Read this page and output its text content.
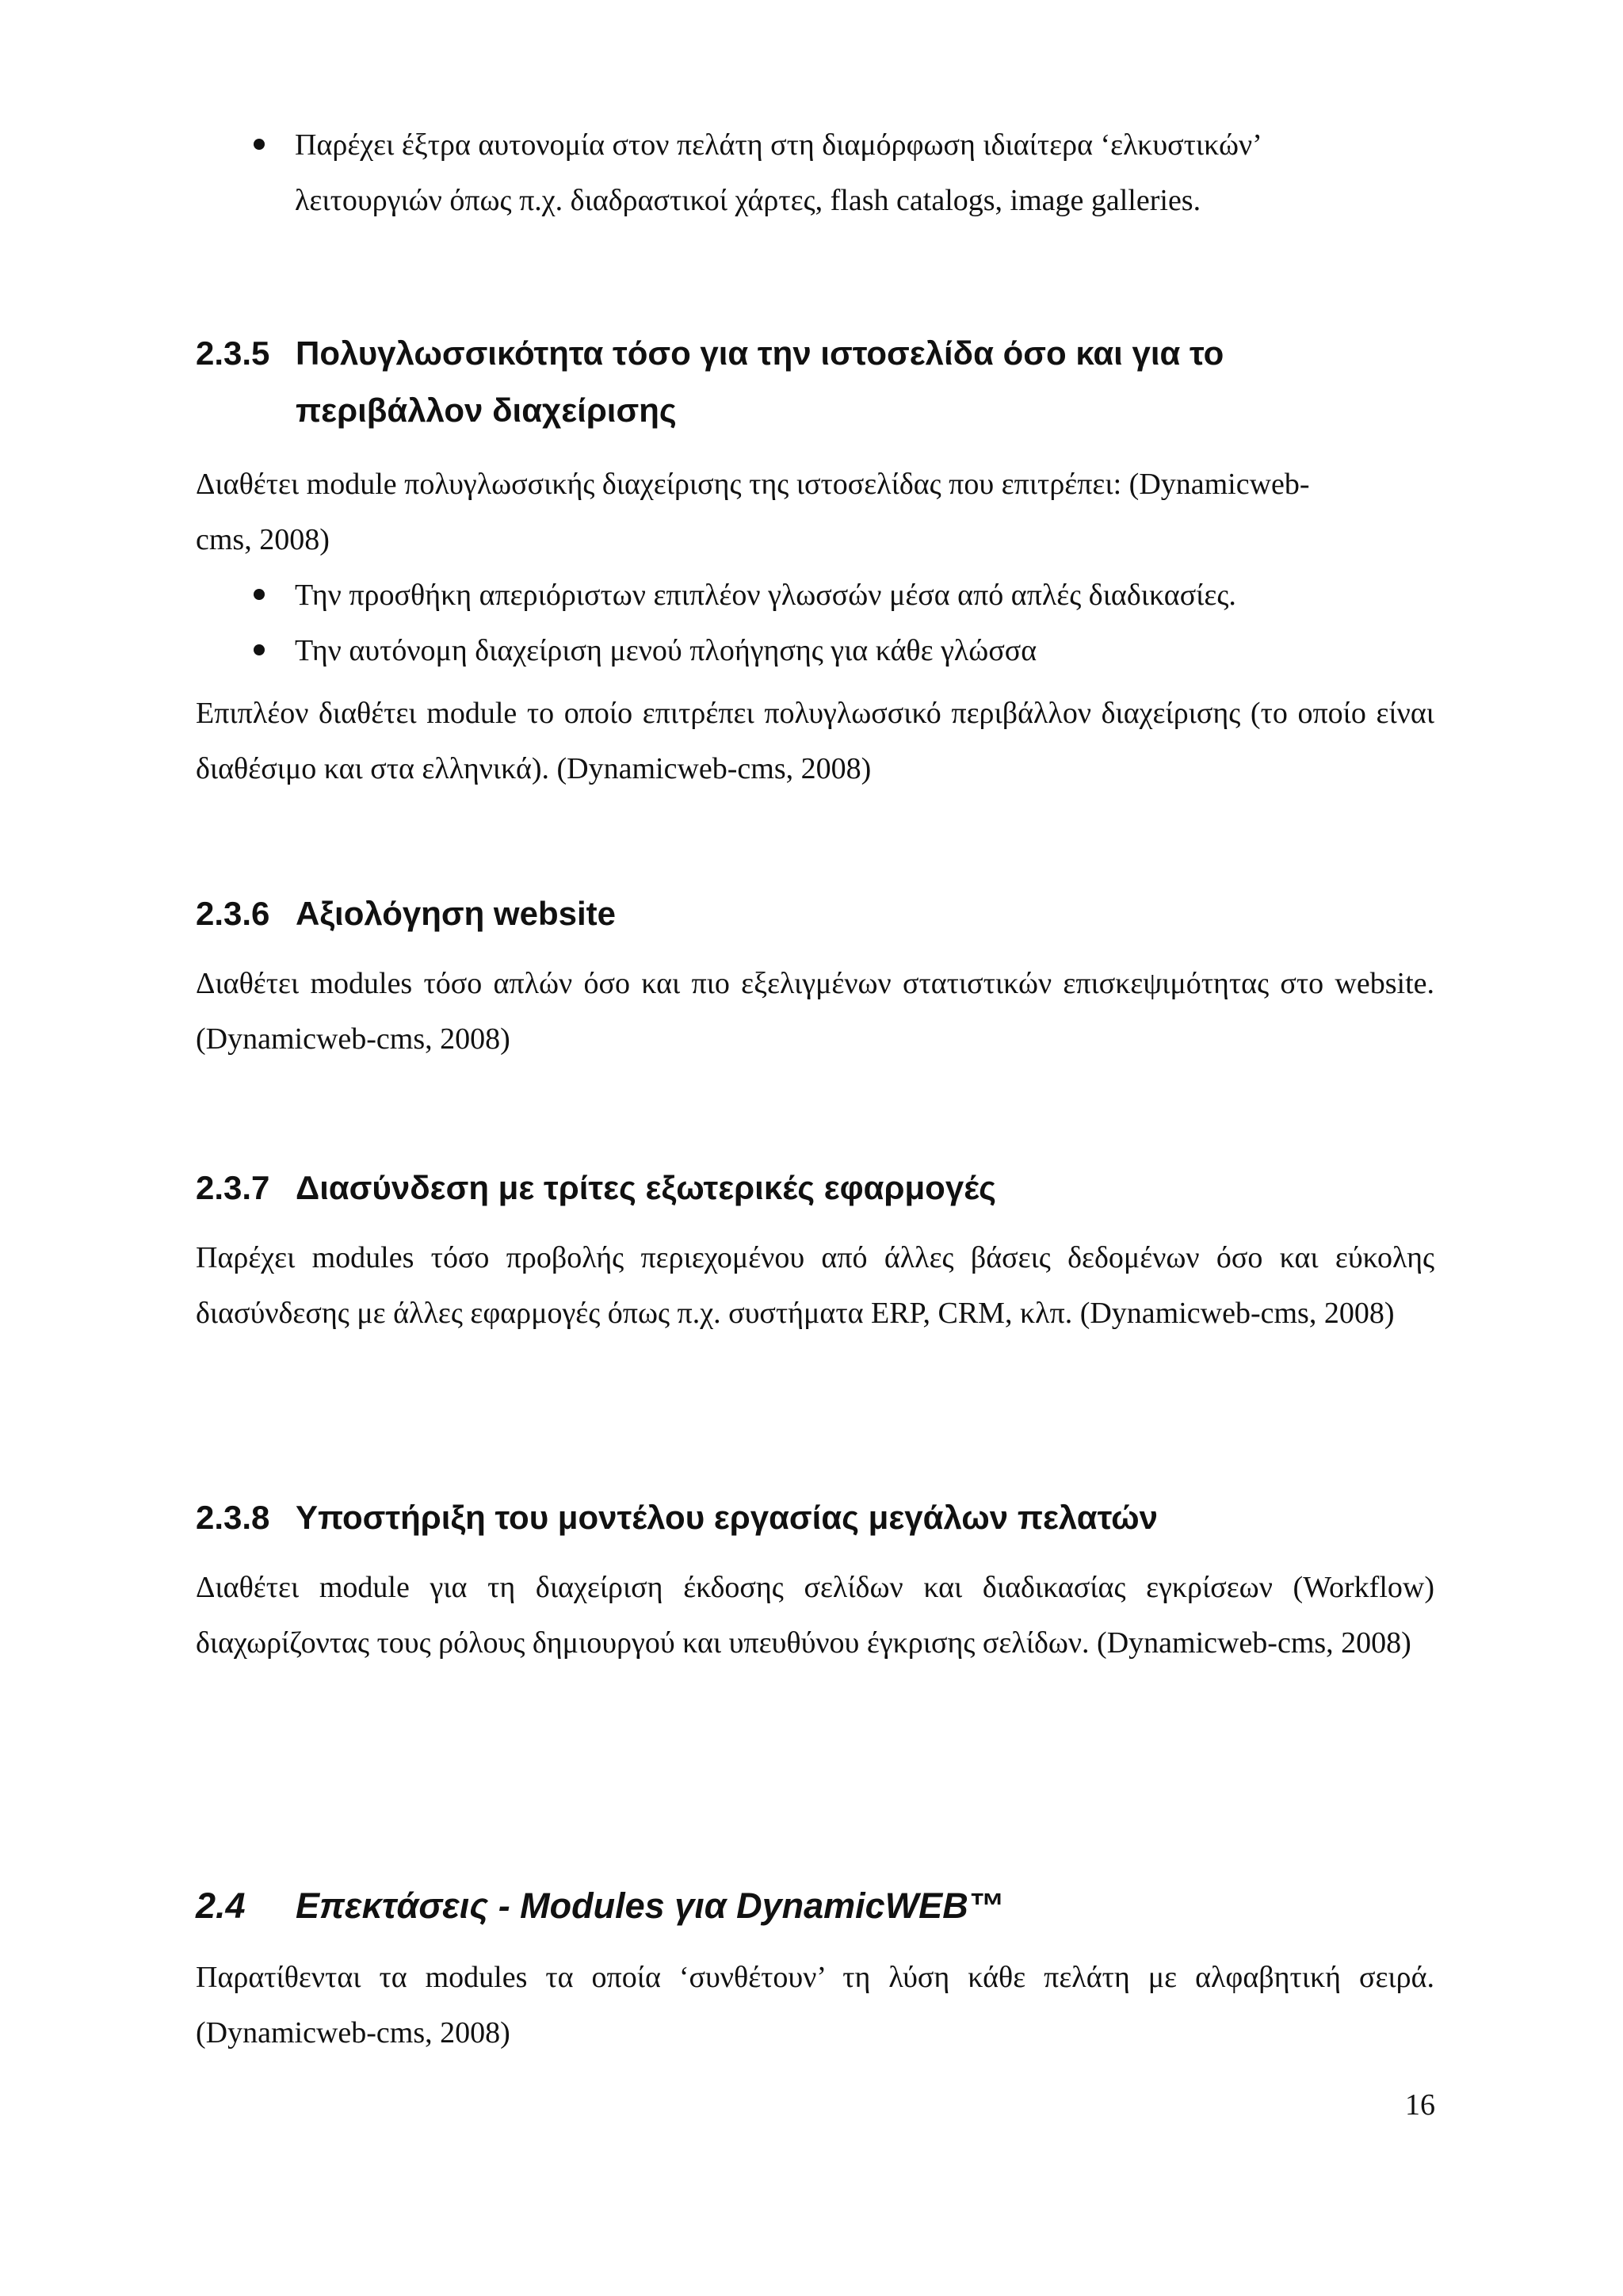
Παρέχει έξτρα αυτονομία στον πελάτη στη διαμόρφωση ιδιαίτερα ‘ελκυστικών’
λειτουργιών όπως π.χ. διαδραστικοί χάρτες, flash catalogs, image galleries.
2.3.5 Πολυγλωσσικότητα τόσο για την ιστοσελίδα όσο και για το
περιβάλλον διαχείρισης
Διαθέτει module πολυγλωσσικής διαχείρισης της ιστοσελίδας που επιτρέπει: (Dynamicweb-
cms, 2008)
Την προσθήκη απεριόριστων επιπλέον γλωσσών μέσα από απλές διαδικασίες.
Την αυτόνομη διαχείριση μενού πλοήγησης για κάθε γλώσσα
Επιπλέον διαθέτει module το οποίο επιτρέπει πολυγλωσσικό περιβάλλον διαχείρισης (το οποίο είναι διαθέσιμο και στα ελληνικά). (Dynamicweb-cms, 2008)
2.3.6 Αξιολόγηση website
Διαθέτει modules τόσο απλών όσο και πιο εξελιγμένων στατιστικών επισκεψιμότητας στο website. (Dynamicweb-cms, 2008)
2.3.7 Διασύνδεση με τρίτες εξωτερικές εφαρμογές
Παρέχει modules τόσο προβολής περιεχομένου από άλλες βάσεις δεδομένων όσο και εύκολης διασύνδεσης με άλλες εφαρμογές όπως π.χ. συστήματα ERP, CRM, κλπ. (Dynamicweb-cms, 2008)
2.3.8 Υποστήριξη του μοντέλου εργασίας μεγάλων πελατών
Διαθέτει module για τη διαχείριση έκδοσης σελίδων και διαδικασίας εγκρίσεων (Workflow) διαχωρίζοντας τους ρόλους δημιουργού και υπευθύνου έγκρισης σελίδων. (Dynamicweb-cms, 2008)
2.4 Επεκτάσεις - Modules για DynamicWEB™
Παρατίθενται τα modules τα οποία ‘συνθέτουν’ τη λύση κάθε πελάτη με αλφαβητική σειρά. (Dynamicweb-cms, 2008)
16
